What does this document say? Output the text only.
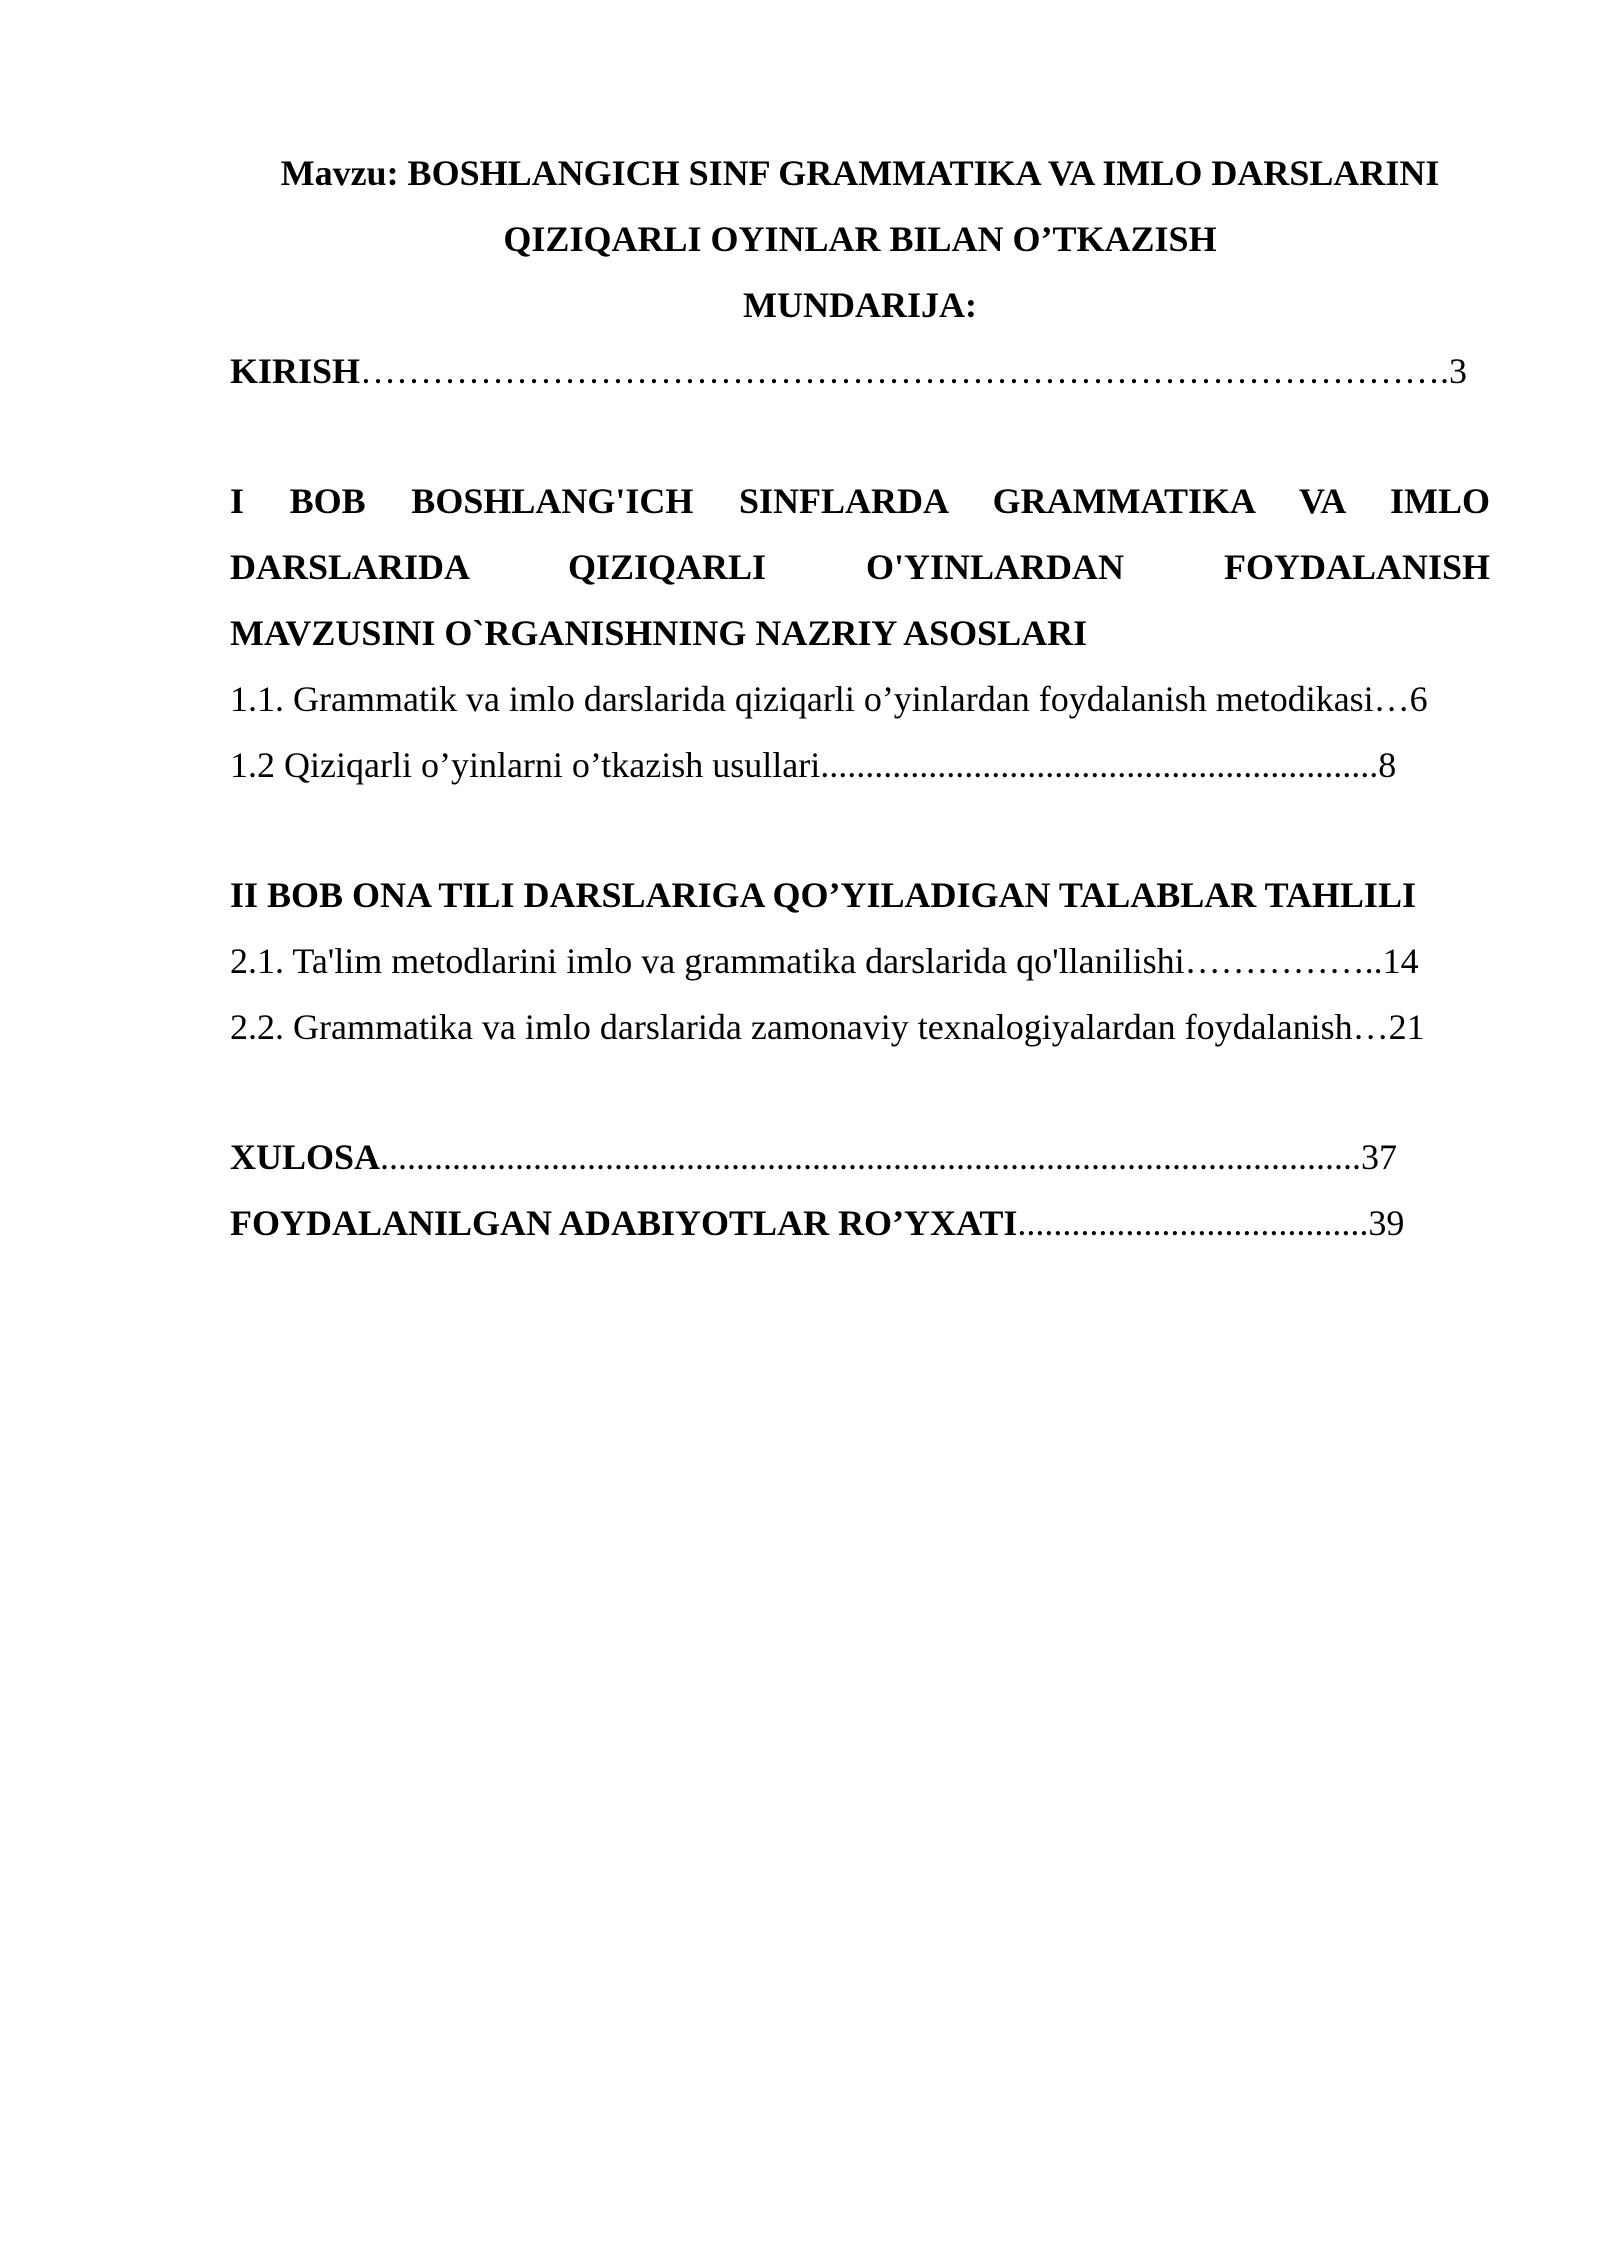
Mavzu: BOSHLANGICH SINF GRAMMATIKA VA IMLO DARSLARINI
QIZIQARLI OYINLAR BILAN O’TKAZISH
MUNDARIJA:
KIRISH……………………………………………………………………………….3
I BOB BOSHLANG'ICH SINFLARDA GRAMMATIKA VA IMLO
DARSLARIDA QIZIQARLI O'YINLARDAN FOYDALANISH
MAVZUSINI O`RGANISHNING NAZRIY ASOSLARI
1.1. Grammatik va imlo darslarida qiziqarli o’yinlardan foydalanish metodikasi…6
1.2 Qiziqarli o’yinlarni o’tkazish usullari..............................................................8
II BOB ONA TILI DARSLARIGA QO’YILADIGAN TALABLAR TAHLILI
2.1. Ta'lim metodlarini imlo va grammatika darslarida qo'llanilishi……………..14
2.2. Grammatika va imlo darslarida zamonaviy texnalogiyalardan foydalanish…21
XULOSA.............................................................................................................37
FOYDALANILGAN ADABIYOTLAR RO’YXATI.......................................39
